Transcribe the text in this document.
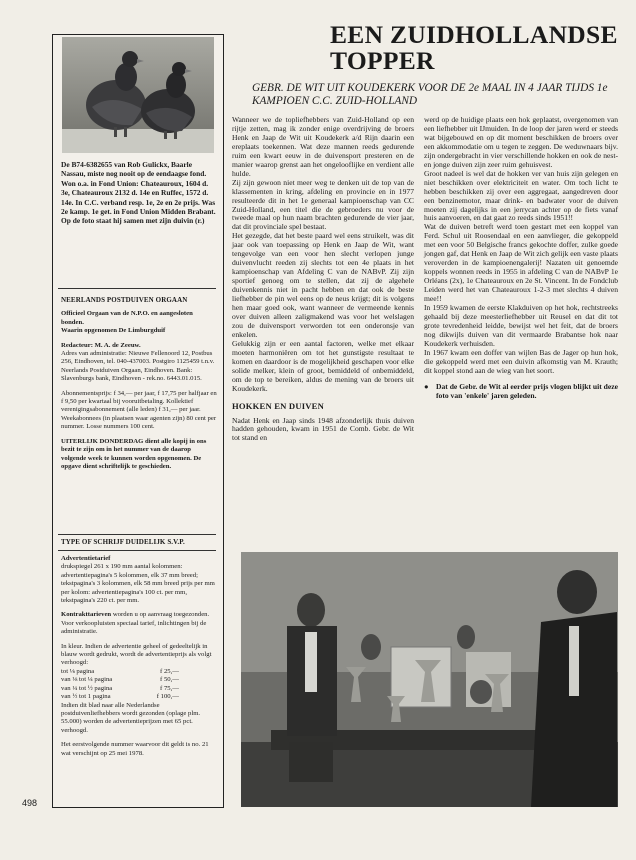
498
De B74-6382655 van Rob Gulickx, Baarle Nassau, miste nog nooit op de eendaagse fond. Won o.a. in Fond Union: Chateauroux, 1604 d. 3e, Chateauroux 2132 d. 14e en Ruffec, 1572 d. 14e. In C.C. verband resp. 1e, 2e en 2e prijs. Was 2e kamp. 1e get. in Fond Union Midden Brabant. Op de foto staat hij samen met zijn duivin (r.)

NEERLANDS POSTDUIVEN ORGAAN

Officieel Orgaan van de N.P.O. en aangesloten bonden.

Waarin opgenomen De Limburgduif

Redacteur: M. A. de Zeeuw.

Adres van administratie: Nieuwe Fellenoord 12, Postbus 256, Eindhoven, tel. 040-437003. Postgiro 1125459 t.n.v. Neerlands Postduiven Orgaan, Eindhoven. Bank: Slavenburgs bank, Eindhoven - rek.no. 6443.01.015.

Abonnementsprijs: f 34,— per jaar, f 17,75 per halfjaar en f 9,50 per kwartaal bij vooruitbetaling. Kollektief verenigingsabonnement (alle leden) f 31,— per jaar. Weekabonnees (in plaatsen waar agenten zijn) 80 cent per nummer. Losse nummers 100 cent.

UITERLIJK DONDERDAG dient alle kopij in ons bezit te zijn om in het nummer van de daarop volgende week te kunnen worden opgenomen. De opgave dient schriftelijk te geschieden.

TYPE OF SCHRIJF DUIDELIJK S.V.P.

Advertentietarief

drukspiegel 261 x 190 mm aantal kolommen: advertentiepagina's 5 kolommen, elk 37 mm breed; tekstpagina's 3 kolommen, elk 58 mm breed prijs per mm per kolom: advertentiepagina's 100 ct. per mm, tekstpagina's 220 ct. per mm.

Kontrakttarieven worden u op aanvraag toegezonden. Voor verkoopluisten speciaal tarief, inlichtingen bij de administratie.

In kleur. Indien de advertentie geheel of gedeeltelijk in blauw wordt gedrukt, wordt de advertentieprijs als volgt verhoogd:

tot ⅛ pagina	f 25,—
van ⅛ tot ¼ pagina	f 50,—
van ¼ tot ½ pagina	f 75,—
van ½ tot 1 pagina	f 100,—

Indien dit blad naar alle Nederlandse postduivenliefhebbers wordt gezonden (oplage plm. 55.000) worden de advertentieprijzen met 65 pct. verhoogd.

Het eerstvolgende nummer waarvoor dit geldt is no. 21 wat verschijnt op 25 mei 1978.

EEN ZUIDHOLLANDSE
TOPPER
GEBR. DE WIT UIT KOUDEKERK VOOR DE 2e MAAL IN 4 JAAR TIJDS 1e KAMPIOEN C.C. ZUID-HOLLAND

Wanneer we de topliefhebbers van Zuid-Holland op een rijtje zetten, mag ik zonder enige overdrijving de broers Henk en Jaap de Wit uit Koudekerk a/d Rijn daarin een ereplaats toekennen. Wat deze mannen reeds gedurende ruim een kwart eeuw in de duivensport presteren en de manier waarop grenst aan het ongelooflijke en verdient alle hulde.

Zij zijn gewoon niet meer weg te denken uit de top van de klassementen in kring, afdeling en provincie en in 1977 resulteerde dit in het 1e generaal kampioenschap van CC Zuid-Holland, een titel die de gebroeders nu voor de tweede maal op hun naam brachten gedurende de vier jaar, dat dit provinciale spel bestaat.

Het gezegde, dat het beste paard wel eens struikelt, was dit jaar ook van toepassing op Henk en Jaap de Wit, want tengevolge van een voor hen slecht verlopen junge duivenvlucht reeden zij slechts tot een 4e plaats in het kampioenschap van Afdeling C van de NABvP. Zij zijn sportief genoeg om te stellen, dat zij de algehele duivenkennis niet in pacht hebben en dat ook de beste liefhebber de pin wel eens op de neus krijgt; dit is volgens hen maar goed ook, want wanneer de vermeende kennis over duiven alleen zaligmakend was voor het welslagen zou de duivensport verworden tot een onderonsje van enkelen.

Gelukkig zijn er een aantal factoren, welke met elkaar moeten harmoniëren om tot het gunstigste resultaat te komen en daardoor is de mogelijkheid geschapen voor elke solide melker, klein of groot, bemiddeld of onbemiddeld, om de top te bereiken, aldus de mening van de broers uit Koudekerk.

HOKKEN EN DUIVEN

Nadat Henk en Jaap sinds 1948 afzonderlijk thuis duiven hadden gehouden, kwam in 1951 de Comb. Gebr. de Wit tot stand en

werd op de huidige plaats een hok geplaatst, overgenomen van een liefhebber uit IJmuiden. In de loop der jaren werd er steeds wat bijgebouwd en op dit moment beschikken de broers over een akkommodatie om u tegen te zeggen. De weduwnaars bijv. zijn ondergebracht in vier verschillende hokken en ook de nest- en jonge duiven zijn zeer ruim gehuisvest.

Groot nadeel is wel dat de hokken ver van huis zijn gelegen en niet beschikken over elektriciteit en water. Om toch licht te hebben beschikken zij over een aggregaat, aangedreven door een benzinemotor, maar drink- en badwater voor de duiven moeten zij dagelijks in een jerrycan achter op de fiets vanaf huis aanvoeren, en dat gaat zo reeds sinds 1951!!

Wat de duiven betreft werd toen gestart met een koppel van Ferd. Schul uit Roosendaal en een aanvlieger, die gekoppeld met een voor 50 Belgische francs gekochte doffer, zulke goede jongen gaf, dat Henk en Jaap de Wit zich gelijk een vaste plaats veroverden in de kampioenengalerij! Nazaten uit genoemde koppels wonnen reeds in 1955 in afdeling C van de NABvP 1e Orléans (2x), 1e Chateauroux en 2e St. Vincent. In de Fondclub Leiden werd het van Chateauroux 1-2-3 met slechts 4 duiven mee!!

In 1959 kwamen de eerste Klakduiven op het hok, rechtstreeks gehaald bij deze meesterliefhebber uit Reusel en dat dit tot grote tevredenheid leidde, bewijst wel het feit, dat de broers nog dikwijls duiven van dit vermaarde Brabantse hok naar Koudekerk verhuisden.

In 1967 kwam een doffer van wijlen Bas de Jager op hun hok, die gekoppeld werd met een duivin afkomstig van M. Krauth; dit koppel stond aan de wieg van het soort.

● Dat de Gebr. de Wit al eerder prijs vlogen blijkt uit deze foto van 'enkele' jaren geleden.
